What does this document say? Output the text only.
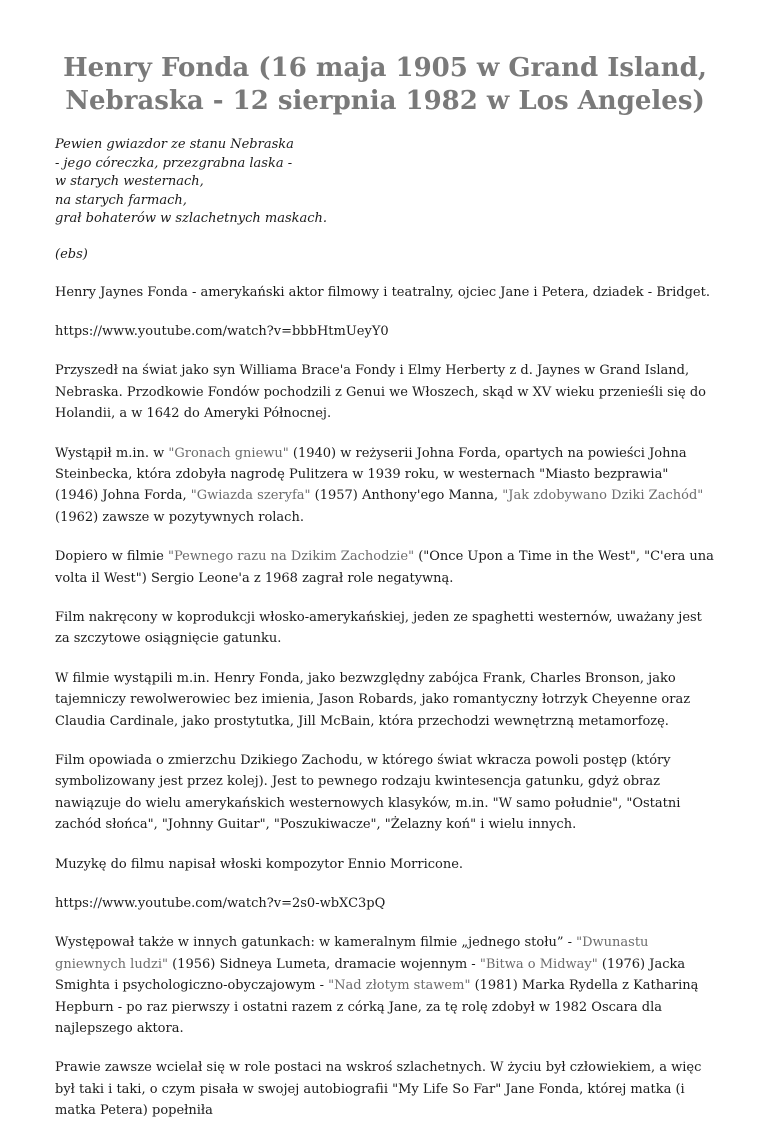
Henry Fonda (16 maja 1905 w Grand Island,
Nebraska - 12 sierpnia 1982 w Los Angeles)
Pewien gwiazdor ze stanu Nebraska
- jego córeczka, przezgrabna laska -
w starych westernach,
na starych farmach,
grał bohaterów w szlachetnych maskach.
(ebs)

Henry Jaynes Fonda - amerykański aktor filmowy i teatralny, ojciec Jane i Petera, dziadek - Bridget.

https://www.youtube.com/watch?v=bbbHtmUeyY0

Przyszedł na świat jako syn Williama Brace'a Fondy i Elmy Herberty z d. Jaynes w Grand Island, Nebraska. Przodkowie Fondów pochodzili z Genui we Włoszech, skąd w XV wieku przenieśli się do Holandii, a w 1642 do Ameryki Północnej.

Wystąpił m.in. w "Gronach gniewu" (1940) w reżyserii Johna Forda, opartych na powieści Johna Steinbecka, która zdobyła nagrodę Pulitzera w 1939 roku, w westernach "Miasto bezprawia" (1946) Johna Forda, "Gwiazda szeryfa" (1957) Anthony'ego Manna, "Jak zdobywano Dziki Zachód" (1962) zawsze w pozytywnych rolach.

Dopiero w filmie "Pewnego razu na Dzikim Zachodzie" ("Once Upon a Time in the West", "C'era una volta il West") Sergio Leone'a z 1968 zagrał role negatywną.

Film nakręcony w koprodukcji włosko-amerykańskiej, jeden ze spaghetti westernów, uważany jest za szczytowe osiągnięcie gatunku.

W filmie wystąpili m.in. Henry Fonda, jako bezwzględny zabójca Frank, Charles Bronson, jako tajemniczy rewolwerowiec bez imienia, Jason Robards, jako romantyczny łotrzyk Cheyenne oraz Claudia Cardinale, jako prostytutka, Jill McBain, która przechodzi wewnętrzną metamorfozę.

Film opowiada o zmierzchu Dzikiego Zachodu, w którego świat wkracza powoli postęp (który symbolizowany jest przez kolej). Jest to pewnego rodzaju kwintesencja gatunku, gdyż obraz nawiązuje do wielu amerykańskich westernowych klasyków, m.in. "W samo południe", "Ostatni zachód słońca", "Johnny Guitar", "Poszukiwacze", "Żelazny koń" i wielu innych.

Muzykę do filmu napisał włoski kompozytor Ennio Morricone.

https://www.youtube.com/watch?v=2s0-wbXC3pQ

Występował także w innych gatunkach: w kameralnym filmie „jednego stołu” - "Dwunastu gniewnych ludzi" (1956) Sidneya Lumeta, dramacie wojennym - "Bitwa o Midway" (1976) Jacka Smighta i psychologiczno-obyczajowym - "Nad złotym stawem" (1981) Marka Rydella z Kathariną Hepburn - po raz pierwszy i ostatni razem z córką Jane, za tę rolę zdobył w 1982 Oscara dla najlepszego aktora.

Prawie zawsze wcielał się w role postaci na wskroś szlachetnych. W życiu był człowiekiem, a więc był taki i taki, o czym pisała w swojej autobiografii "My Life So Far" Jane Fonda, której matka (i matka Petera) popełniła
